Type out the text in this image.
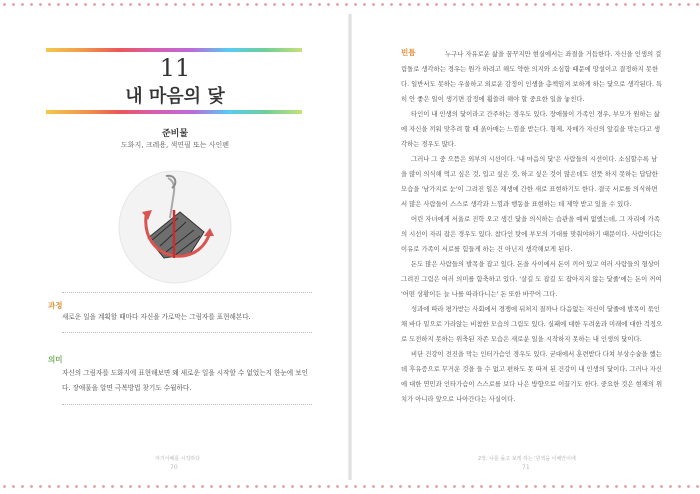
11
내 마음의 닻
준비물
도화지, 크레용, 색연필 또는 사인펜
과정
새로운 일을 계획할 때마다 자신을 가로막는 그림자를 표현해본다.
의미
자신의 그림자를 도화지에 표현해보면 왜 새로운 일을 시작할 수 없었는지 한눈에 보인다. 장애물을 알면 극복방법 찾기도 수월하다.
자기이해를 시작하다
70
빈틈	누구나 자유로운 삶을 꿈꾸지만 현실에서는 좌절을 거듭한다. 자신을 인생의 걸림돌로 생각하는 경우는 뭔가 하려고 해도 약한 의지와 소심함 때문에 망설이고 결정하지 못한다. 일반서도 못하는 우울하고 외로운 감정이 인생을 총책임져 보하게 하는 닻으로 생각된다. 특히 안 좋은 일이 생기면 감정에 휩쓸려 해야 할 중요한 일을 놓친다.

타인이 내 인생의 닻이라고 간주하는 경우도 있다. 장애물이 가족인 경우, 부모가 원하는 삶에 자신을 끼워 맞추려 할 때 옭아매는 느낌을 받는다. 형제, 자매가 자신의 앞길을 막는다고 생각하는 경우도 많다.

그러나 그 중 으뜸은 외부의 시선이다. '내 마음의 닻'은 사람들의 시선이다. 소심할수록 남을 많이 의식해 먹고 싶은 것, 입고 싶은 것, 하고 싶은 것이 많은데도 선뜻 하지 못하는 답답한 모습을 '남가지로 눈'이 그려진 일은 재생에 간한 새로 표현하기도 한다. 결국 서로를 의식하면서 많은 사람들이 스스로 생각과 느낌과 행동을 표현하는 데 제약 받고 있을 수 있다.

어린 자녀에게 서울로 진학 오고 생긴 닻을 의식하는 습관을 예써 없앴는데, 그 자리에 가족의 시선이 자리 잡은 경우도 있다. 참다인 탓에 부모의 기대를 맞춰야하기 때문이다. 사람이다는 이유로 가족이 서로를 힘들게 하는 건 아닌지 생각해보게 된다.

돈도 많은 사람들의 발목을 잡고 있다. 돈을 사이에서 돈이 끼어 있고 여러 사람들의 형상이 그려진 그림은 여러 의미를 함축하고 있다. '살길 도 잡길 도 잡아지지 않는 닻줄'에는 돈이 꺼여 '어떤 상황이든 늘 나를 따라다니는' 돈 또한 바꾸어 그다.

성과에 따라 평가받는 사회에서 경쟁에 뒤처지 질까나 다음없는 자신이 닻줄에 발목이 묶인 채 바다 밑으로 가라앉는 비참한 모습의 그림도 있다. 실패에 대한 두려움과 미래에 대한 걱정으로 도전하지 못하는 위축된 자존 모습은 새로운 일을 시작하지 못하는 내 인생의 닻이다.

비단 건강이 전진을 막는 인터가슴인 경우도 있다. 굳대에서 훈련받다 다쳐 부상수술을 했는데 후유증으로 무거운 것을 들 수 없고 편하도 못 따져 된 건강이 내 인생의 닻이다. 그러나 자신에 대한 연민과 인타가슴이 스스로를 보다 나은 방향으로 이끌기도 한다. 중요한 것은 현재의 위치가 아니라 앞으로 나아간다는 사실이다.

2장. 나를 돌고 보게 하는 '원색을 이해안이에
71
